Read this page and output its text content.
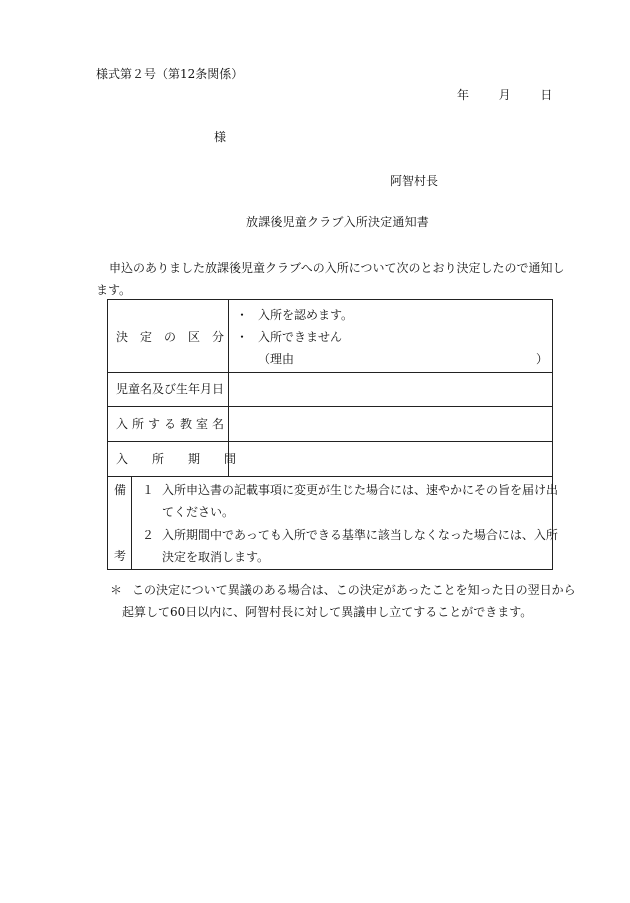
様式第２号（第12条関係）
年 月 日
様
阿智村長
放課後児童クラブ入所決定通知書
申込のありました放課後児童クラブへの入所について次のとおり決定したので通知し
ます。
決　定　の　区　分
・ 入所を認めます。
・ 入所できません
（理由	）
児童名及び生年月日
入所する教室名
入　　所　　期　　間
備
考
１ 入所申込書の記載事項に変更が生じた場合には、速やかにその旨を届け出
てください。
２ 入所期間中であっても入所できる基準に該当しなくなった場合には、入所
決定を取消します。
＊ この決定について異議のある場合は、この決定があったことを知った日の翌日から
起算して60日以内に、阿智村長に対して異議申し立てすることができます。
